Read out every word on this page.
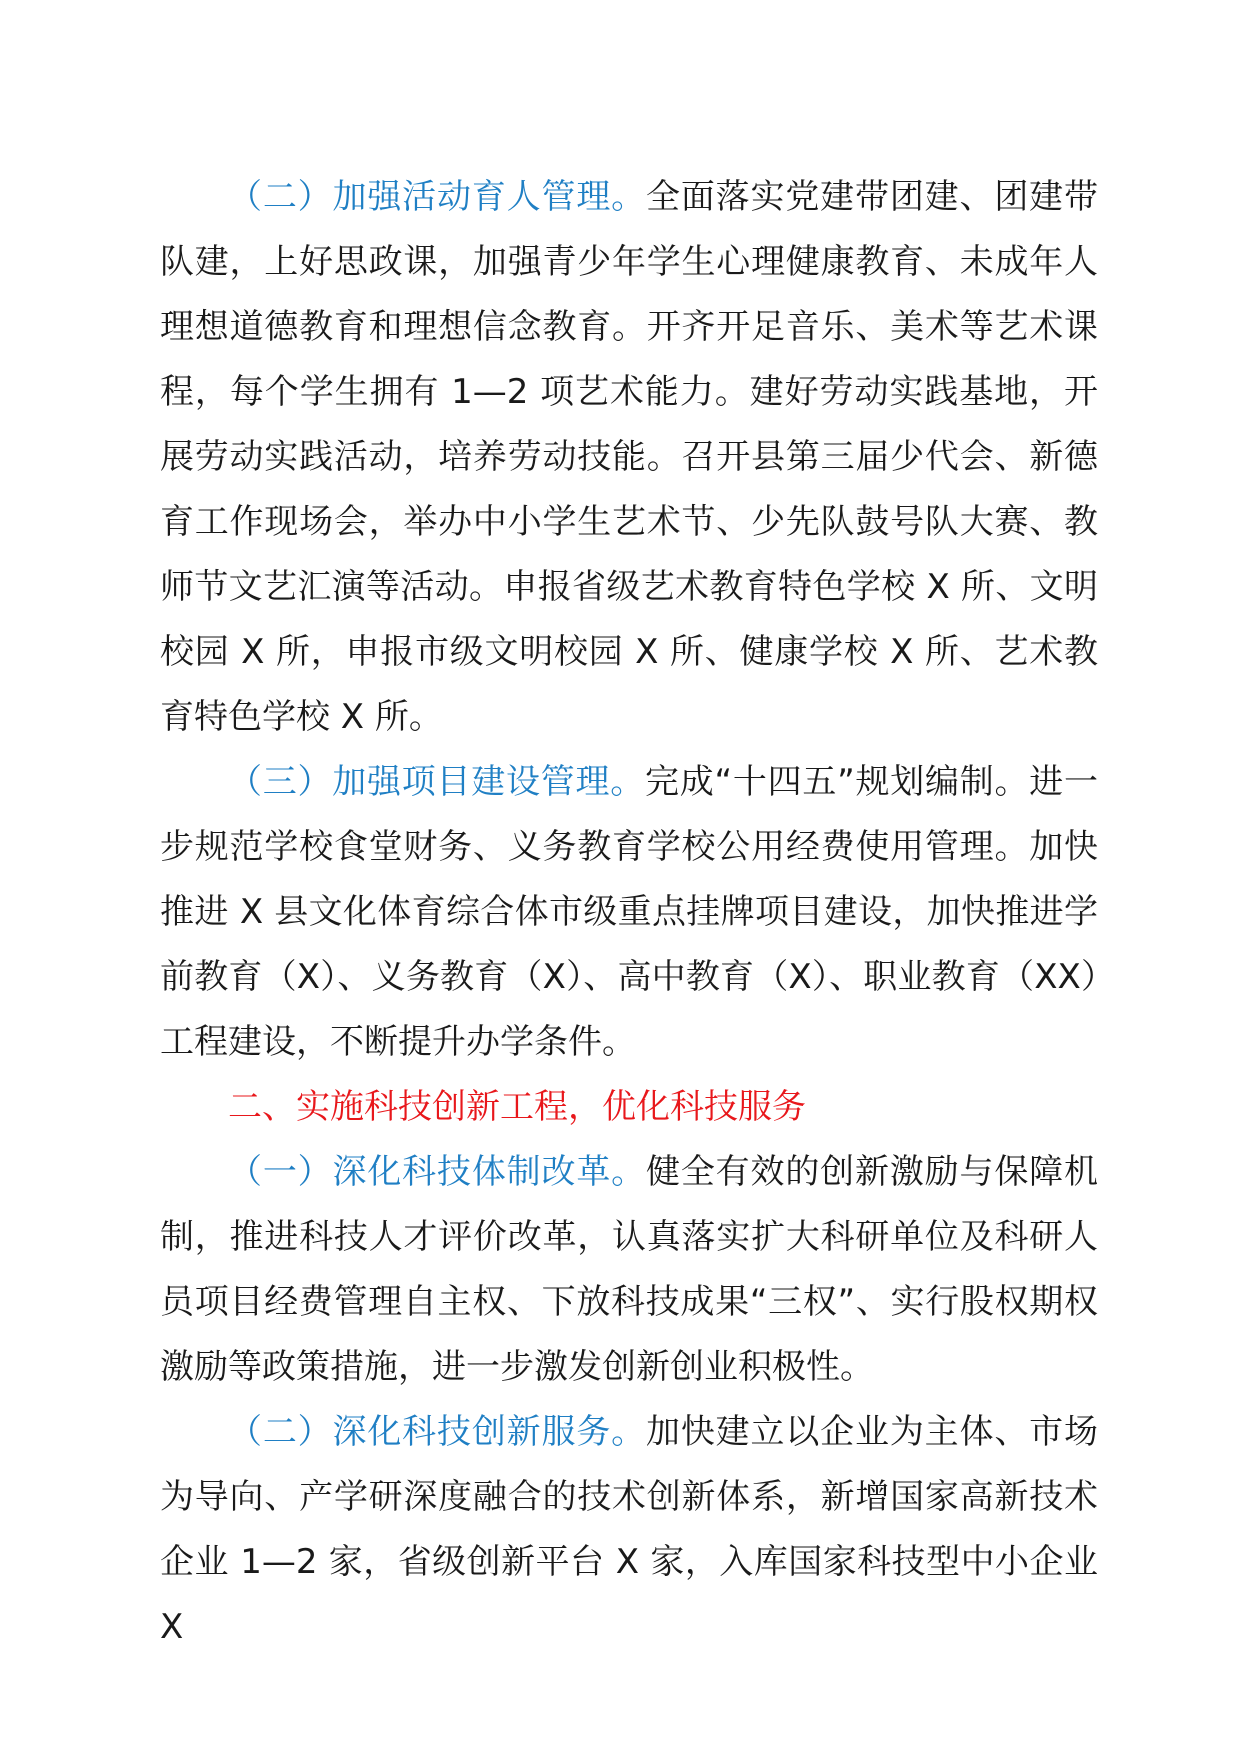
（二）加强活动育人管理。全面落实党建带团建、团建带队建，上好思政课，加强青少年学生心理健康教育、未成年人理想道德教育和理想信念教育。开齐开足音乐、美术等艺术课程，每个学生拥有 1—2 项艺术能力。建好劳动实践基地，开展劳动实践活动，培养劳动技能。召开县第三届少代会、新德育工作现场会，举办中小学生艺术节、少先队鼓号队大赛、教师节文艺汇演等活动。申报省级艺术教育特色学校 X 所、文明校园 X 所，申报市级文明校园 X 所、健康学校 X 所、艺术教育特色学校 X 所。

（三）加强项目建设管理。完成“十四五”规划编制。进一步规范学校食堂财务、义务教育学校公用经费使用管理。加快推进 X 县文化体育综合体市级重点挂牌项目建设，加快推进学前教育（X）、义务教育（X）、高中教育（X）、职业教育（XX）工程建设，不断提升办学条件。

二、实施科技创新工程，优化科技服务

（一）深化科技体制改革。健全有效的创新激励与保障机制，推进科技人才评价改革，认真落实扩大科研单位及科研人员项目经费管理自主权、下放科技成果“三权”、实行股权期权激励等政策措施，进一步激发创新创业积极性。

（二）深化科技创新服务。加快建立以企业为主体、市场为导向、产学研深度融合的技术创新体系，新增国家高新技术企业 1—2 家，省级创新平台 X 家，入库国家科技型中小企业 X
